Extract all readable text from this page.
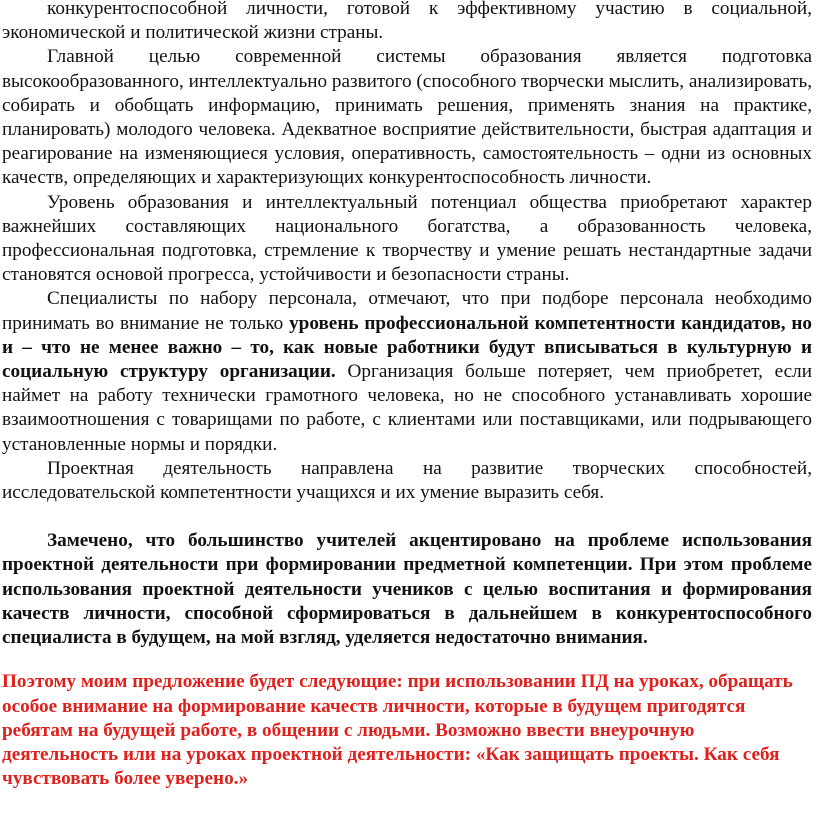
конкурентоспособной личности, готовой к эффективному участию в социальной, экономической и политической жизни страны.

Главной целью современной системы образования является подготовка высокообразованного, интеллектуально развитого (способного творчески мыслить, анализировать, собирать и обобщать информацию, принимать решения, применять знания на практике, планировать) молодого человека. Адекватное восприятие действительности, быстрая адаптация и реагирование на изменяющиеся условия, оперативность, самостоятельность – одни из основных качеств, определяющих и характеризующих конкурентоспособность личности.

Уровень образования и интеллектуальный потенциал общества приобретают характер важнейших составляющих национального богатства, а образованность человека, профессиональная подготовка, стремление к творчеству и умение решать нестандартные задачи становятся основой прогресса, устойчивости и безопасности страны.

Специалисты по набору персонала, отмечают, что при подборе персонала необходимо принимать во внимание не только уровень профессиональной компетентности кандидатов, но и – что не менее важно – то, как новые работники будут вписываться в культурную и социальную структуру организации. Организация больше потеряет, чем приобретет, если наймет на работу технически грамотного человека, но не способного устанавливать хорошие взаимоотношения с товарищами по работе, с клиентами или поставщиками, или подрывающего установленные нормы и порядки.

Проектная деятельность направлена на развитие творческих способностей, исследовательской компетентности учащихся и их умение выразить себя.

Замечено, что большинство учителей акцентировано на проблеме использования проектной деятельности при формировании предметной компетенции. При этом проблеме использования проектной деятельности учеников с целью воспитания и формирования качеств личности, способной сформироваться в дальнейшем в конкурентоспособного специалиста в будущем, на мой взгляд, уделяется недостаточно внимания.

Поэтому моим предложение будет следующие: при использовании ПД на уроках, обращать особое внимание на формирование качеств личности, которые в будущем пригодятся ребятам на будущей работе, в общении с людьми. Возможно ввести внеурочную деятельность или на уроках проектной деятельности: «Как защищать проекты. Как себя чувствовать более уверено.»
